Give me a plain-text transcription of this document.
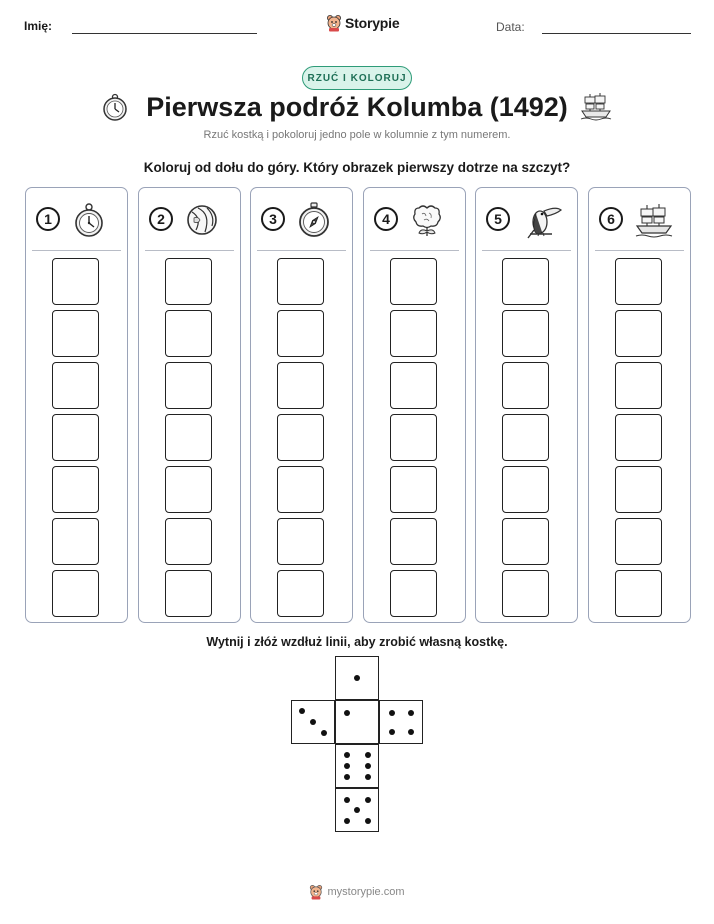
Imię:	Storypie	Data:
RZUĆ I KOLORUJ
Pierwsza podróż Kolumba (1492)
Rzuć kostką i pokoloruj jedno pole w kolumnie z tym numerem.
Koloruj od dołu do góry. Który obrazek pierwszy dotrze na szczyt?
1	2	3	4	5	6
Wytnij i złóż wzdłuż linii, aby zrobić własną kostkę.
mystorypie.com
